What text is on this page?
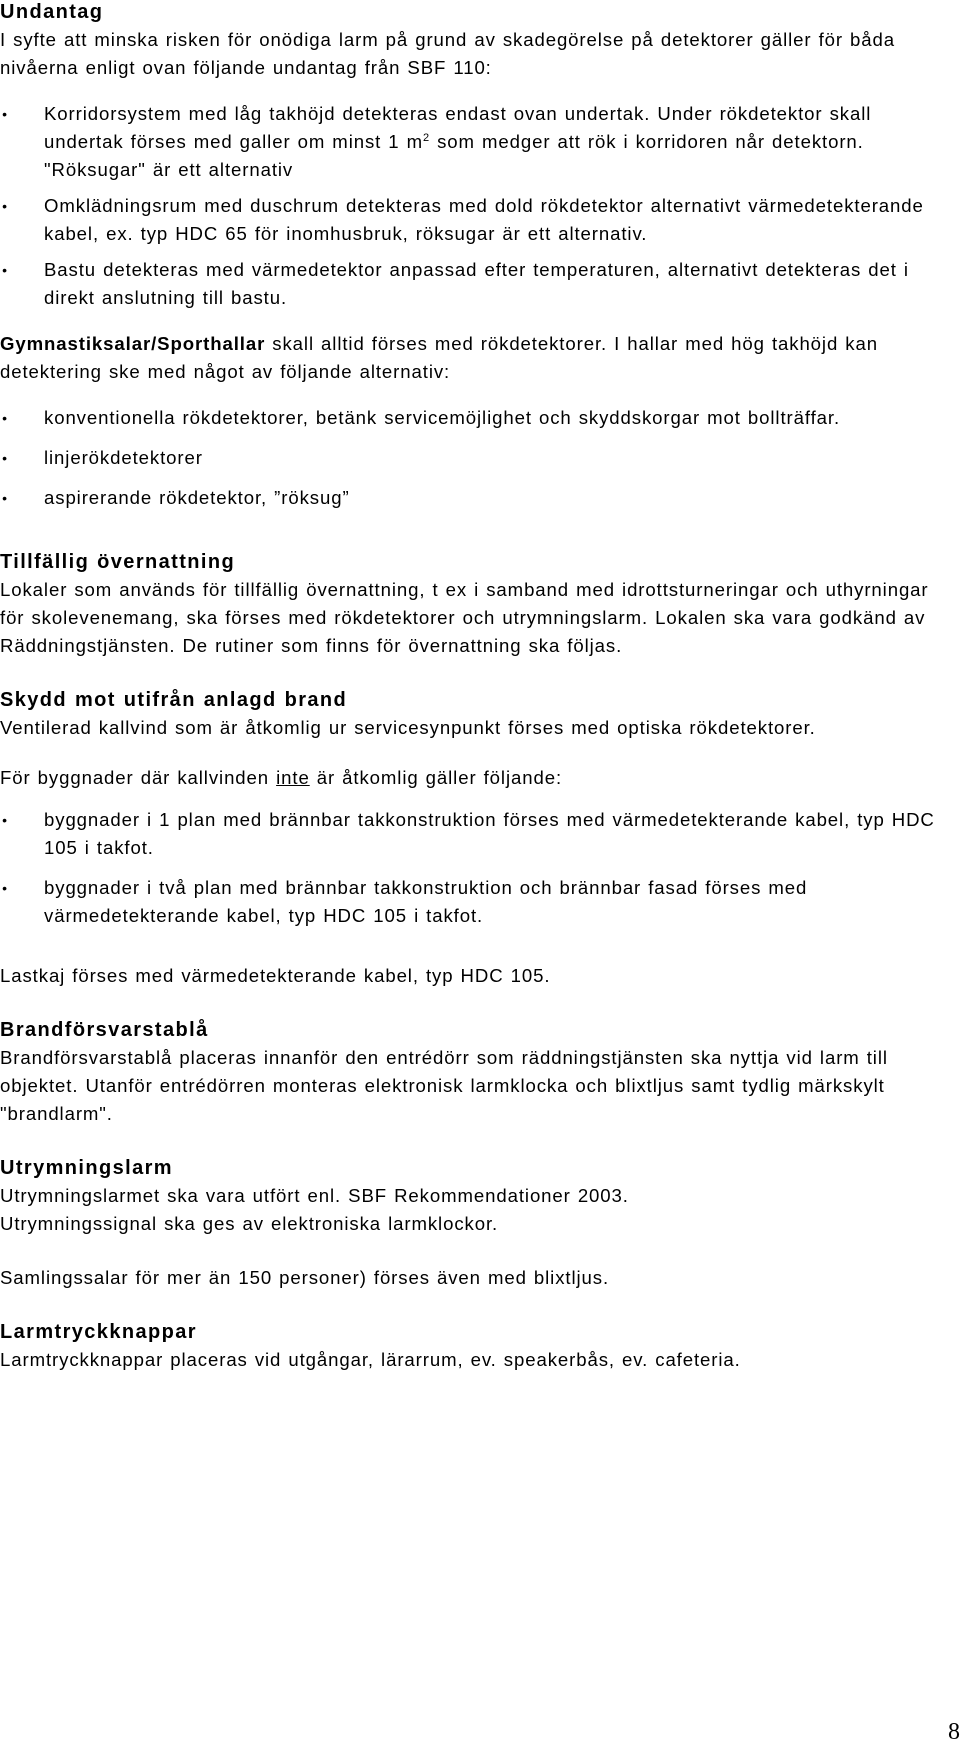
Undantag

I syfte att minska risken för onödiga larm på grund av skadegörelse på detektorer gäller för båda nivåerna enligt ovan följande undantag från SBF 110:

• Korridorsystem med låg takhöjd detekteras endast ovan undertak. Under rökdetektor skall undertak förses med galler om minst 1 $m^2$ som medger att rök i korridoren når detektorn. "Röksugar" är ett alternativ
• Omklädningsrum med duschrum detekteras med dold rökdetektor alternativt värmedetekterande kabel, ex. typ HDC 65 för inomhusbruk, röksugar är ett alternativ.
• Bastu detekteras med värmedetektor anpassad efter temperaturen, alternativt detekteras det i direkt anslutning till bastu.

Gymnastiksalar/Sporthallar skall alltid förses med rökdetektorer. I hallar med hög takhöjd kan detektering ske med något av följande alternativ:

• konventionella rökdetektorer, betänk servicemöjlighet och skyddskorgar mot bollträffar.
• linjerökdetektorer
• aspirerande rökdetektor, ”röksug”
Tillfällig övernattning

Lokaler som används för tillfällig övernattning, t ex i samband med idrottsturneringar och uthyrningar för skolevenemang, ska förses med rökdetektorer och utrymningslarm. Lokalen ska vara godkänd av Räddningstjänsten. De rutiner som finns för övernattning ska följas.

Skydd mot utifrån anlagd brand

Ventilerad kallvind som är åtkomlig ur servicesynpunkt förses med optiska rökdetektorer.

För byggnader där kallvinden inte är åtkomlig gäller följande:

• byggnader i 1 plan med brännbar takkonstruktion förses med värmedetekterande kabel, typ HDC 105 i takfot.
• byggnader i två plan med brännbar takkonstruktion och brännbar fasad förses med värmedetekterande kabel, typ HDC 105 i takfot.

Lastkaj förses med värmedetekterande kabel, typ HDC 105.

Brandförsvarstablå

Brandförsvarstablå placeras innanför den entrédörr som räddningstjänsten ska nyttja vid larm till objektet. Utanför entrédörren monteras elektronisk larmklocka och blixtljus samt tydlig märkskylt "brandlarm".

Utrymningslarm

Utrymningslarmet ska vara utfört enl. SBF Rekommendationer 2003.

Utrymningssignal ska ges av elektroniska larmklockor.

Samlingssalar för mer än 150 personer) förses även med blixtljus.

Larmtryckknappar

Larmtryckknappar placeras vid utgångar, lärarrum, ev. speakerbås, ev. cafeteria.

8
